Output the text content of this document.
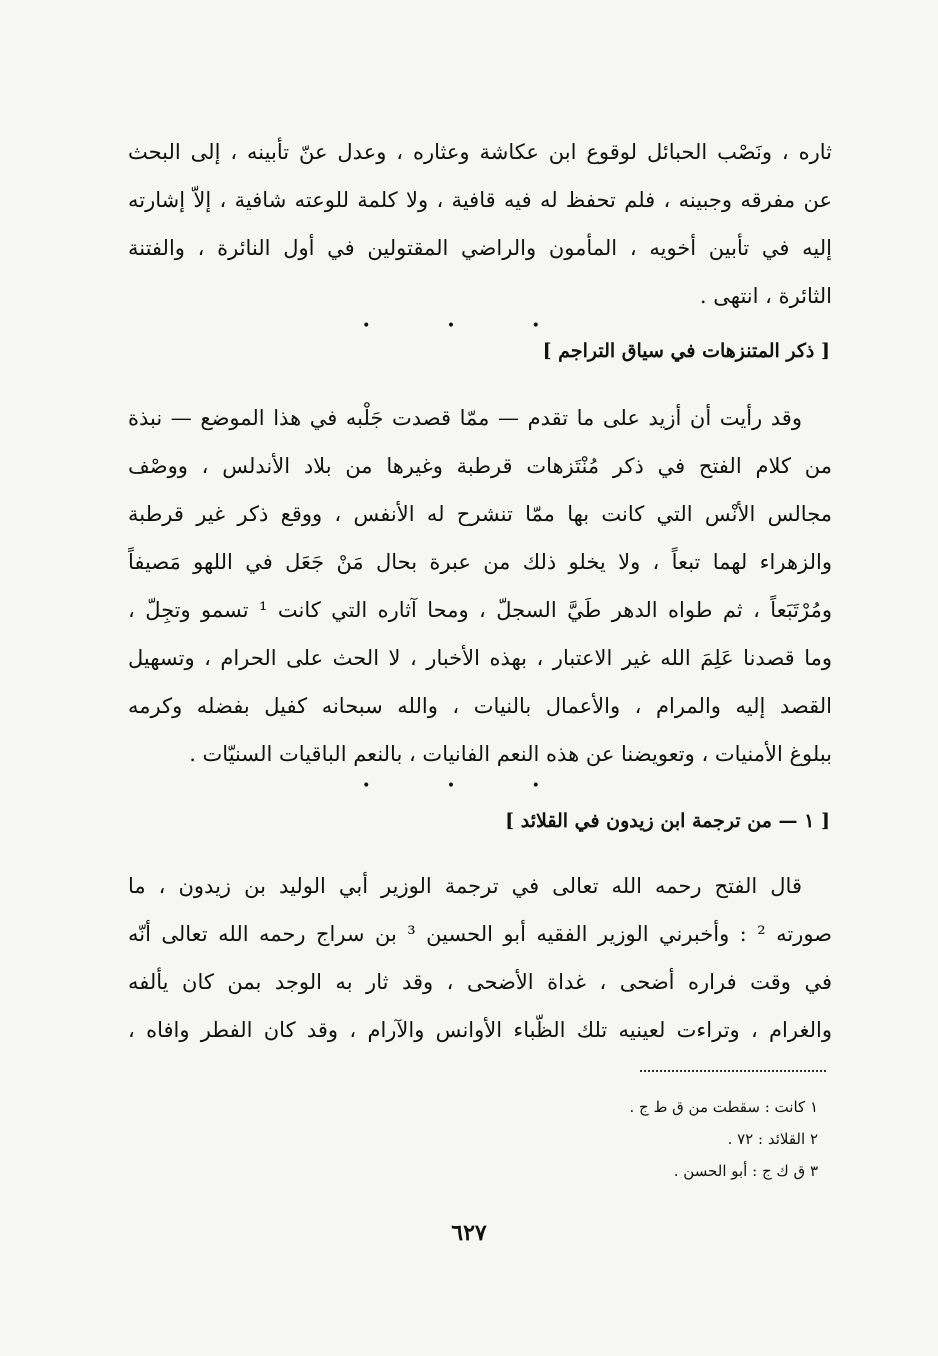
ثاره ، ونَصْب الحبائل لوقوع ابن عكاشة وعثاره ، وعدل عنّ تأبينه ، إلى البحث
عن مفرقه وجبينه ، فلم تحفظ له فيه قافية ، ولا كلمة للوعته شافية ، إلاّ إشارته
إليه في تأبين أخويه ، المأمون والراضي المقتولين في أول النائرة ، والفتنة
الثائرة ، انتهى .
• • •
[ ذكر المتنزهات في سياق التراجم ]
وقد رأيت أن أزيد على ما تقدم — ممّا قصدت جَلْبه في هذا الموضع — نبذة
من كلام الفتح في ذكر مُنْتَزهات قرطبة وغيرها من بلاد الأندلس ، ووصْف
مجالس الأنْس التي كانت بها ممّا تنشرح له الأنفس ، ووقع ذكر غير قرطبة
والزهراء لهما تبعاً ، ولا يخلو ذلك من عبرة بحال مَنْ جَعَل في اللهو مَصيفاً
ومُرْتَبَعاً ، ثم طواه الدهر طَيَّ السجلّ ، ومحا آثاره التي كانت ¹ تسمو وتجِلّ ،
وما قصدنا عَلِمَ الله غير الاعتبار ، بهذه الأخبار ، لا الحث على الحرام ، وتسهيل
القصد إليه والمرام ، والأعمال بالنيات ، والله سبحانه كفيل بفضله وكرمه
ببلوغ الأمنيات ، وتعويضنا عن هذه النعم الفانيات ، بالنعم الباقيات السنيّات .
• • •
[ ١ — من ترجمة ابن زيدون في القلائد ]
قال الفتح رحمه الله تعالى في ترجمة الوزير أبي الوليد بن زيدون ، ما
صورته ² : وأخبرني الوزير الفقيه أبو الحسين ³ بن سراج رحمه الله تعالى أنّه
في وقت فراره أضحى ، غداة الأضحى ، وقد ثار به الوجد بمن كان يألفه
والغرام ، وتراءت لعينيه تلك الظّباء الأوانس والآرام ، وقد كان الفطر وافاه ،
١ كانت : سقطت من ق ط ج .
٢ القلائد : ٧٢ .
٣ ق ك ج : أبو الحسن .
٦٢٧
